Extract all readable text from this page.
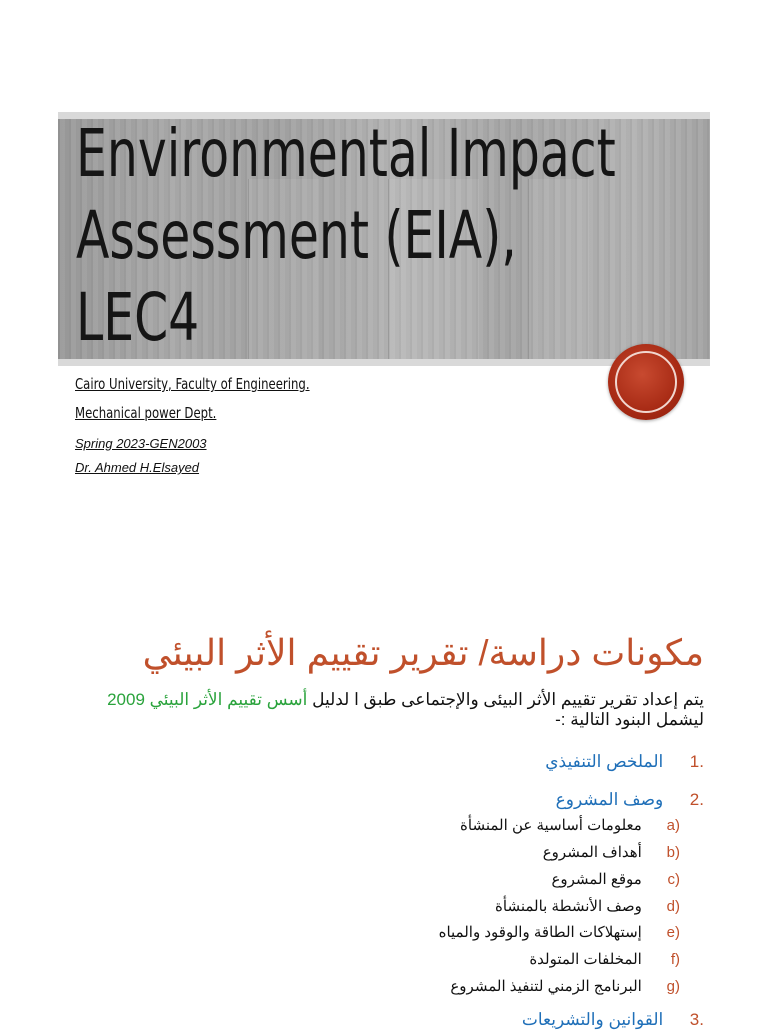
Environmental Impact
Assessment (EIA),
LEC4
Cairo University, Faculty of Engineering.
Mechanical power Dept.
Spring 2023-GEN2003
Dr. Ahmed H.Elsayed
مكونات دراسة/ تقرير تقييم الأثر البيئي
يتم إعداد تقرير تقييم الأثر البيئى والإجتماعى طبق ا لدليل أسس تقييم الأثر البيئي 2009 ليشمل البنود التالية :-
.1 الملخص التنفيذي
.2 وصف المشروع
(a معلومات أساسية عن المنشأة
(b أهداف المشروع
(c موقع المشروع
(d وصف الأنشطة بالمنشأة
(e إستهلاكات الطاقة والوقود والمياه
(f المخلفات المتولدة
(g البرنامج الزمني لتنفيذ المشروع
.3 القوانين والتشريعات
